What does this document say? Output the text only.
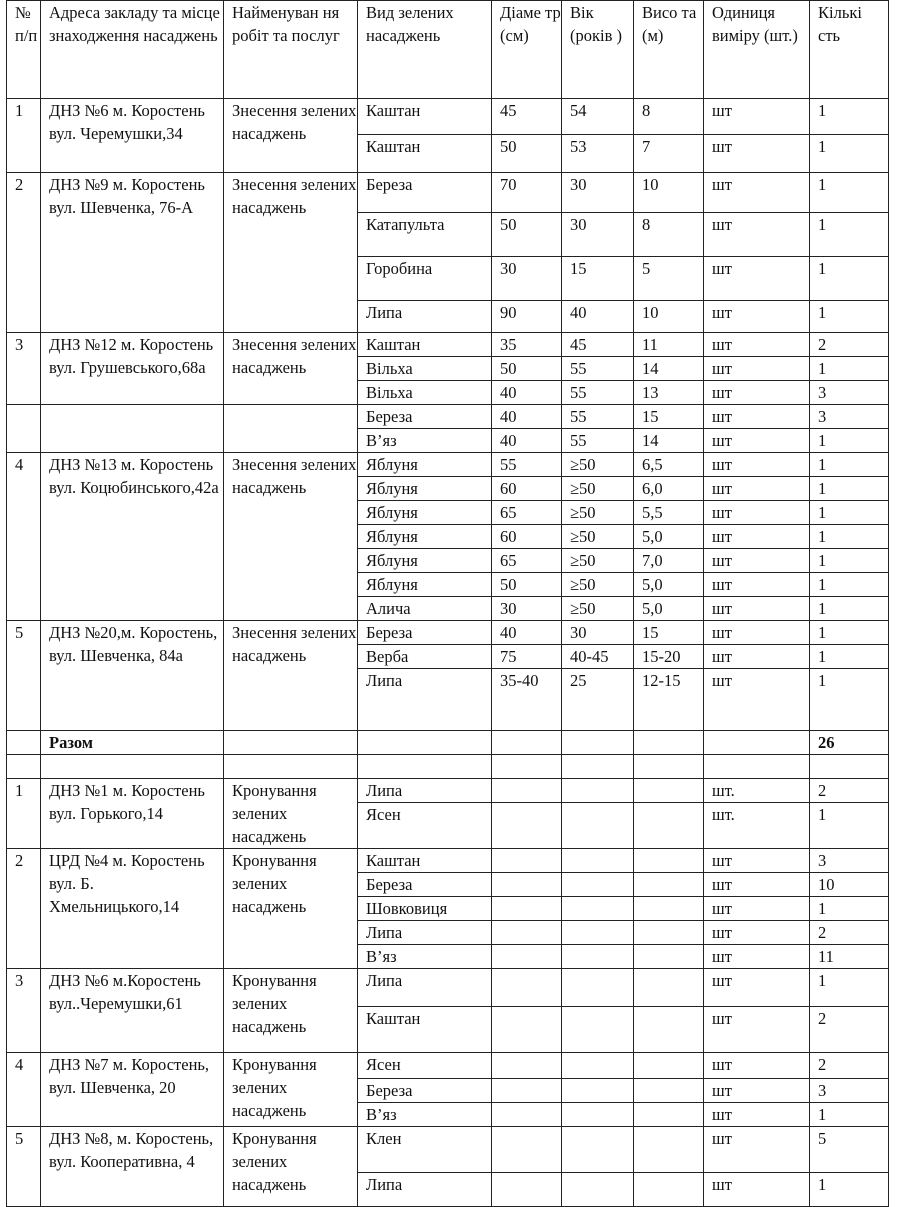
№ п/п	Адреса закладу та місце знаходження насаджень	Найменуван ня робіт та послуг	Вид зелених насаджень	Діаме тр (см)	Вік (років )	Висо та (м)	Одиниця виміру (шт.)	Кількі сть
1	ДНЗ №6 м. Коростень вул. Черемушки,34	Знесення зелених насаджень	Каштан	45	54	8	шт	1
			Каштан	50	53	7	шт	1
2	ДНЗ №9 м. Коростень вул. Шевченка, 76-А	Знесення зелених насаджень	Береза	70	30	10	шт	1
			Катапульта	50	30	8	шт	1
			Горобина	30	15	5	шт	1
			Липа	90	40	10	шт	1
3	ДНЗ №12 м. Коростень вул. Грушевського,68а	Знесення зелених насаджень	Каштан	35	45	11	шт	2
			Вільха	50	55	14	шт	1
			Вільха	40	55	13	шт	3
			Береза	40	55	15	шт	3
			В’яз	40	55	14	шт	1
4	ДНЗ №13 м. Коростень вул. Коцюбинського,42а	Знесення зелених насаджень	Яблуня	55	≥50	6,5	шт	1
			Яблуня	60	≥50	6,0	шт	1
			Яблуня	65	≥50	5,5	шт	1
			Яблуня	60	≥50	5,0	шт	1
			Яблуня	65	≥50	7,0	шт	1
			Яблуня	50	≥50	5,0	шт	1
			Алича	30	≥50	5,0	шт	1
5	ДНЗ №20,м. Коростень, вул. Шевченка, 84а	Знесення зелених насаджень	Береза	40	30	15	шт	1
			Верба	75	40-45	15-20	шт	1
			Липа	35-40	25	12-15	шт	1
	Разом							26

1	ДНЗ №1 м. Коростень вул. Горького,14	Кронування зелених насаджень	Липа				шт.	2
			Ясен				шт.	1
2	ЦРД №4 м. Коростень вул. Б. Хмельницького,14	Кронування зелених насаджень	Каштан				шт	3
			Береза				шт	10
			Шовковиця				шт	1
			Липа				шт	2
			В’яз				шт	11
3	ДНЗ №6 м.Коростень вул..Черемушки,61	Кронування зелених насаджень	Липа				шт	1
			Каштан				шт	2
4	ДНЗ №7 м. Коростень, вул. Шевченка, 20	Кронування зелених насаджень	Ясен				шт	2
			Береза				шт	3
			В’яз				шт	1
5	ДНЗ №8, м. Коростень, вул. Кооперативна, 4	Кронування зелених насаджень	Клен				шт	5
			Липа				шт	1
